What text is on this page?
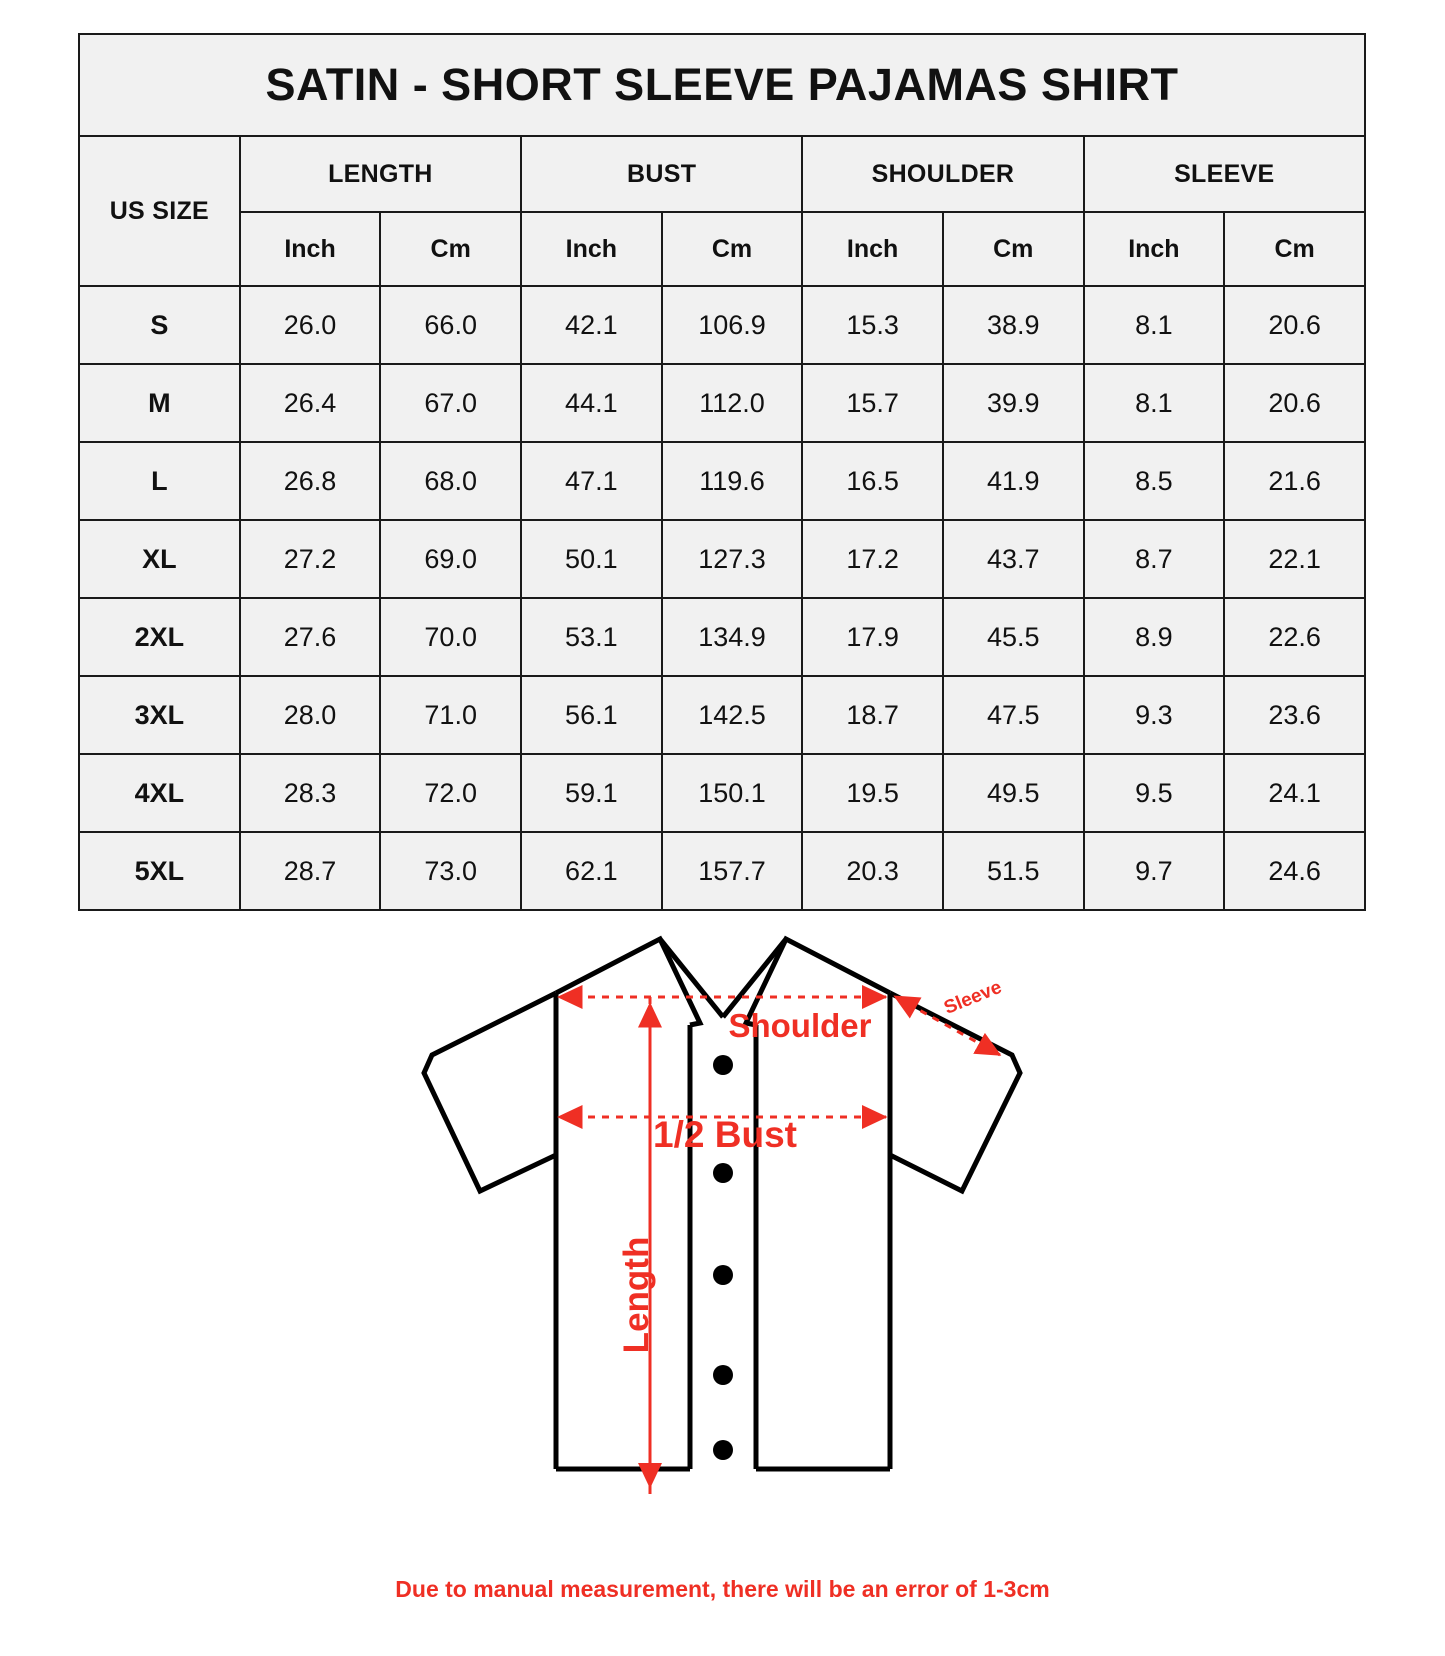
SATIN - SHORT SLEEVE PAJAMAS SHIRT								
US SIZE	LENGTH		BUST		SHOULDER		SLEEVE	
	Inch	Cm	Inch	Cm	Inch	Cm	Inch	Cm
S	26.0	66.0	42.1	106.9	15.3	38.9	8.1	20.6
M	26.4	67.0	44.1	112.0	15.7	39.9	8.1	20.6
L	26.8	68.0	47.1	119.6	16.5	41.9	8.5	21.6
XL	27.2	69.0	50.1	127.3	17.2	43.7	8.7	22.1
2XL	27.6	70.0	53.1	134.9	17.9	45.5	8.9	22.6
3XL	28.0	71.0	56.1	142.5	18.7	47.5	9.3	23.6
4XL	28.3	72.0	59.1	150.1	19.5	49.5	9.5	24.1
5XL	28.7	73.0	62.1	157.7	20.3	51.5	9.7	24.6
Shoulder
Sleeve
1/2 Bust
Length
Due to manual measurement, there will be an error of 1-3cm
